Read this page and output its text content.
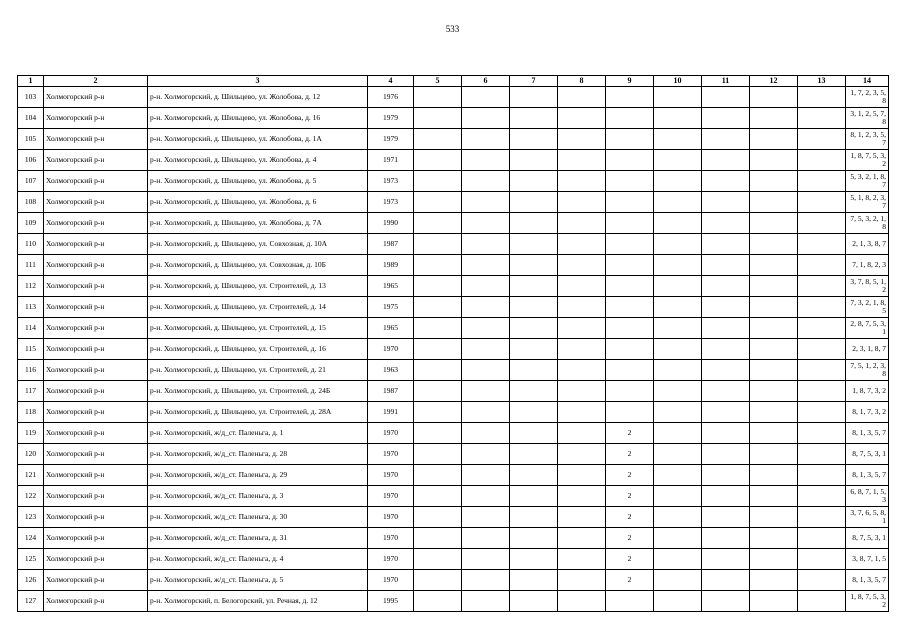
533
1	2	3	4	5	6	7	8	9	10	11	12	13	14
103	Холмогорский р-н	р-н. Холмогорский, д. Шильцево, ул. Жолобова, д. 12	1976										1, 7, 2, 3, 5, 8
104	Холмогорский р-н	р-н. Холмогорский, д. Шильцево, ул. Жолобова, д. 16	1979										3, 1, 2, 5, 7, 8
105	Холмогорский р-н	р-н. Холмогорский, д. Шильцево, ул. Жолобова, д. 1А	1979										8, 1, 2, 3, 5, 7
106	Холмогорский р-н	р-н. Холмогорский, д. Шильцево, ул. Жолобова, д. 4	1971										1, 8, 7, 5, 3, 2
107	Холмогорский р-н	р-н. Холмогорский, д. Шильцево, ул. Жолобова, д. 5	1973										5, 3, 2, 1, 8, 7
108	Холмогорский р-н	р-н. Холмогорский, д. Шильцево, ул. Жолобова, д. 6	1973										5, 1, 8, 2, 3, 7
109	Холмогорский р-н	р-н. Холмогорский, д. Шильцево, ул. Жолобова, д. 7А	1990										7, 5, 3, 2, 1, 8
110	Холмогорский р-н	р-н. Холмогорский, д. Шильцево, ул. Совхозная, д. 10А	1987										2, 1, 3, 8, 7
111	Холмогорский р-н	р-н. Холмогорский, д. Шильцево, ул. Совхозная, д. 10Б	1989										7, 1, 8, 2, 3
112	Холмогорский р-н	р-н. Холмогорский, д. Шильцево, ул. Строителей, д. 13	1965										3, 7, 8, 5, 1, 2
113	Холмогорский р-н	р-н. Холмогорский, д. Шильцево, ул. Строителей, д. 14	1975										7, 3, 2, 1, 8, 5
114	Холмогорский р-н	р-н. Холмогорский, д. Шильцево, ул. Строителей, д. 15	1965										2, 8, 7, 5, 3, 1
115	Холмогорский р-н	р-н. Холмогорский, д. Шильцево, ул. Строителей, д. 16	1970										2, 3, 1, 8, 7
116	Холмогорский р-н	р-н. Холмогорский, д. Шильцево, ул. Строителей, д. 21	1963										7, 5, 1, 2, 3, 8
117	Холмогорский р-н	р-н. Холмогорский, д. Шильцево, ул. Строителей, д. 24Б	1987										1, 8, 7, 3, 2
118	Холмогорский р-н	р-н. Холмогорский, д. Шильцево, ул. Строителей, д. 28А	1991										8, 1, 7, 3, 2
119	Холмогорский р-н	р-н. Холмогорский, ж/д_ст. Паленьга, д. 1	1970					2					8, 1, 3, 5, 7
120	Холмогорский р-н	р-н. Холмогорский, ж/д_ст. Паленьга, д. 28	1970					2					8, 7, 5, 3, 1
121	Холмогорский р-н	р-н. Холмогорский, ж/д_ст. Паленьга, д. 29	1970					2					8, 1, 3, 5, 7
122	Холмогорский р-н	р-н. Холмогорский, ж/д_ст. Паленьга, д. 3	1970					2					6, 8, 7, 1, 5, 3
123	Холмогорский р-н	р-н. Холмогорский, ж/д_ст. Паленьга, д. 30	1970					2					3, 7, 6, 5, 8, 1
124	Холмогорский р-н	р-н. Холмогорский, ж/д_ст. Паленьга, д. 31	1970					2					8, 7, 5, 3, 1
125	Холмогорский р-н	р-н. Холмогорский, ж/д_ст. Паленьга, д. 4	1970					2					3, 8, 7, 1, 5
126	Холмогорский р-н	р-н. Холмогорский, ж/д_ст. Паленьга, д. 5	1970					2					8, 1, 3, 5, 7
127	Холмогорский р-н	р-н. Холмогорский, п. Белогорский, ул. Речная, д. 12	1995										1, 8, 7, 5, 3, 2
